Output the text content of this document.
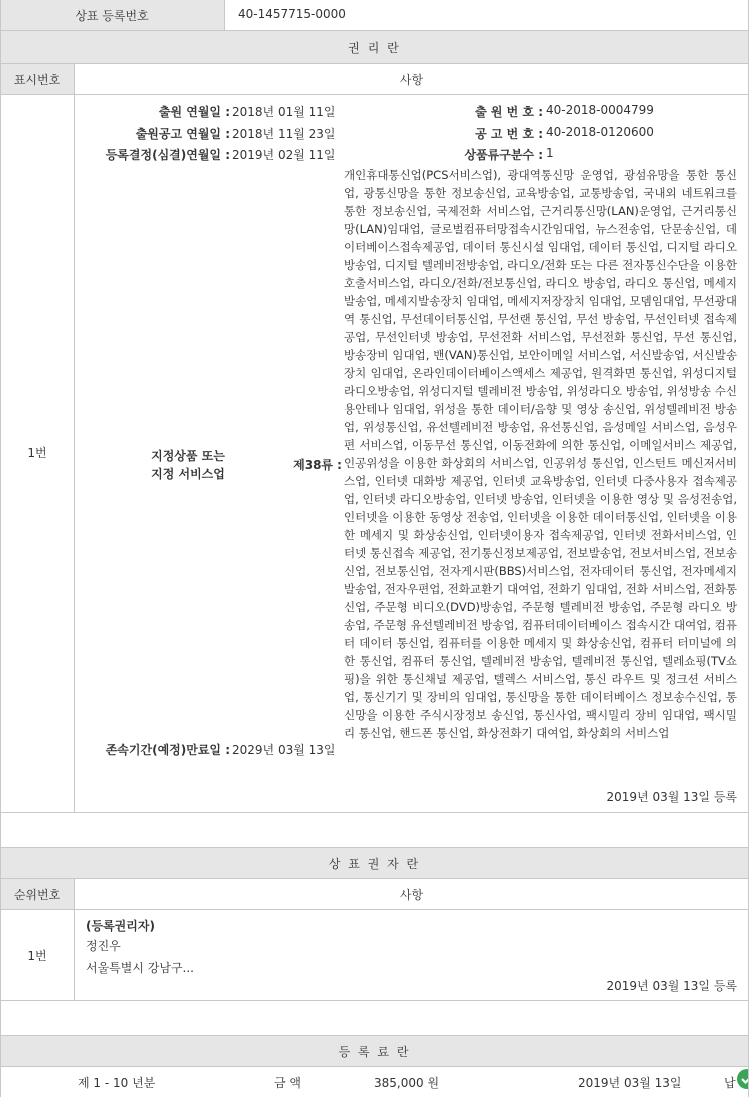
상표 등록번호	40-1457715-0000
권 리 란
표시번호	사항
1번
출원 연월일 : 2018년 01월 11일
출원공고 연월일 : 2018년 11월 23일
등록결정(심결)연월일 : 2019년 02월 11일
출 원 번 호 : 40-2018-0004799
공 고 번 호 : 40-2018-0120600
상품류구분수 : 1
지정상품 또는
지정 서비스업
제38류 :
개인휴대통신업(PCS서비스업), 광대역통신망 운영업, 광섬유망을 통한 통신업, 광통신망을 통한 정보송신업, 교육방송업, 교통방송업, 국내외 네트워크를 통한 정보송신업, 국제전화 서비스업, 근거리통신망(LAN)운영업, 근거리통신망(LAN)임대업, 글로벌컴퓨터망접속시간임대업, 뉴스전송업, 단문송신업, 데이터베이스접속제공업, 데이터 통신시설 임대업, 데이터 통신업, 디지털 라디오방송업, 디지털 텔레비전방송업, 라디오/전화 또는 다른 전자통신수단을 이용한 호출서비스업, 라디오/전화/전보통신업, 라디오 방송업, 라디오 통신업, 메세지 발송업, 메세지발송장치 임대업, 메세지저장장치 임대업, 모뎀임대업, 무선광대역 통신업, 무선데이터통신업, 무선랜 통신업, 무선 방송업, 무선인터넷 접속제공업, 무선인터넷 방송업, 무선전화 서비스업, 무선전화 통신업, 무선 통신업, 방송장비 임대업, 밴(VAN)통신업, 보안이메일 서비스업, 서신발송업, 서신발송장치 임대업, 온라인데이터베이스액세스 제공업, 원격화면 통신업, 위성디지털 라디오방송업, 위성디지털 텔레비전 방송업, 위성라디오 방송업, 위성방송 수신용안테나 임대업, 위성을 통한 데이터/음향 및 영상 송신업, 위성텔레비전 방송업, 위성통신업, 유선텔레비전 방송업, 유선통신업, 음성메일 서비스업, 음성우편 서비스업, 이동무선 통신업, 이동전화에 의한 통신업, 이메일서비스 제공업, 인공위성을 이용한 화상회의 서비스업, 인공위성 통신업, 인스턴트 메신저서비스업, 인터넷 대화방 제공업, 인터넷 교육방송업, 인터넷 다중사용자 접속제공업, 인터넷 라디오방송업, 인터넷 방송업, 인터넷을 이용한 영상 및 음성전송업, 인터넷을 이용한 동영상 전송업, 인터넷을 이용한 데이터통신업, 인터넷을 이용한 메세지 및 화상송신업, 인터넷이용자 접속제공업, 인터넷 전화서비스업, 인터넷 통신접속 제공업, 전기통신정보제공업, 전보발송업, 전보서비스업, 전보송신업, 전보통신업, 전자게시판(BBS)서비스업, 전자데이터 통신업, 전자메세지 발송업, 전자우편업, 전화교환기 대여업, 전화기 임대업, 전화 서비스업, 전화통신업, 주문형 비디오(DVD)방송업, 주문형 텔레비전 방송업, 주문형 라디오 방송업, 주문형 유선텔레비전 방송업, 컴퓨터데이터베이스 접속시간 대여업, 컴퓨터 데이터 통신업, 컴퓨터를 이용한 메세지 및 화상송신업, 컴퓨터 터미널에 의한 통신업, 컴퓨터 통신업, 텔레비전 방송업, 텔레비전 통신업, 텔레쇼핑(TV쇼핑)을 위한 통신채널 제공업, 텔렉스 서비스업, 통신 라우트 및 정크션 서비스업, 통신기기 및 장비의 임대업, 통신망을 통한 데이터베이스 정보송수신업, 통신망을 이용한 주식시장정보 송신업, 통신사업, 팩시밀리 장비 임대업, 팩시밀리 통신업, 핸드폰 통신업, 화상전화기 대여업, 화상회의 서비스업
존속기간(예정)만료일 : 2029년 03월 13일
2019년 03월 13일 등록
상 표 권 자 란
순위번호	사항
1번
(등록권리자)
정진우
서울특별시 강남구...
2019년 03월 13일 등록
등 록 료 란
제 1 - 10 년분	금 액	385,000 원	2019년 03월 13일	납
